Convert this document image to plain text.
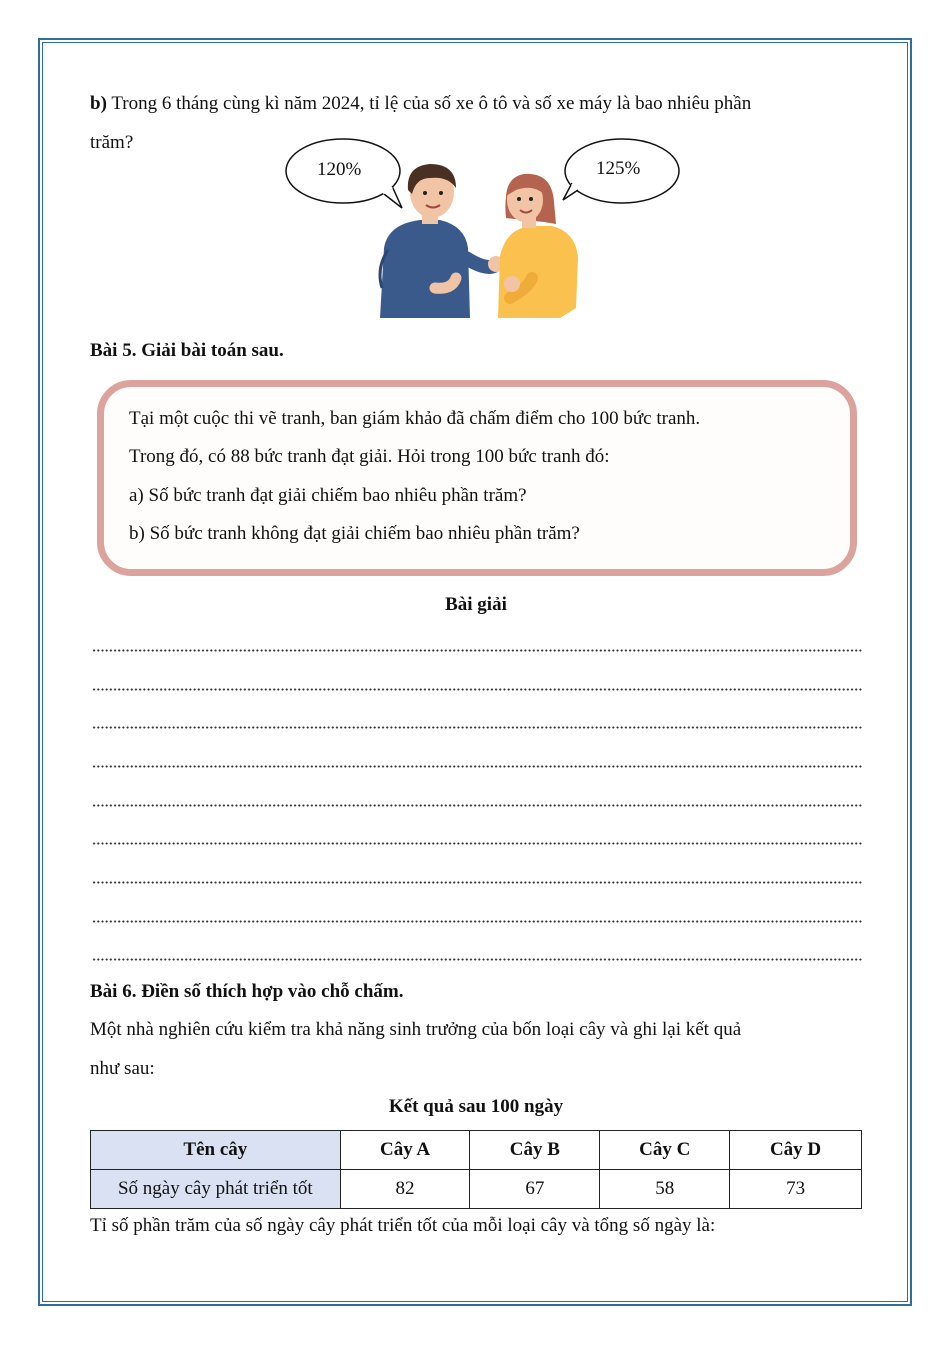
b) Trong 6 tháng cùng kì năm 2024, tỉ lệ của số xe ô tô và số xe máy là bao nhiêu phần
trăm?
120%	125%
Bài 5. Giải bài toán sau.
Tại một cuộc thi vẽ tranh, ban giám khảo đã chấm điểm cho 100 bức tranh.
Trong đó, có 88 bức tranh đạt giải. Hỏi trong 100 bức tranh đó:
a) Số bức tranh đạt giải chiếm bao nhiêu phần trăm?
b) Số bức tranh không đạt giải chiếm bao nhiêu phần trăm?
Bài giải
Bài 6. Điền số thích hợp vào chỗ chấm.
Một nhà nghiên cứu kiểm tra khả năng sinh trưởng của bốn loại cây và ghi lại kết quả
như sau:
Kết quả sau 100 ngày
Tên cây	Cây A	Cây B	Cây C	Cây D
Số ngày cây phát triển tốt	82	67	58	73
Tỉ số phần trăm của số ngày cây phát triển tốt của mỗi loại cây và tổng số ngày là:
